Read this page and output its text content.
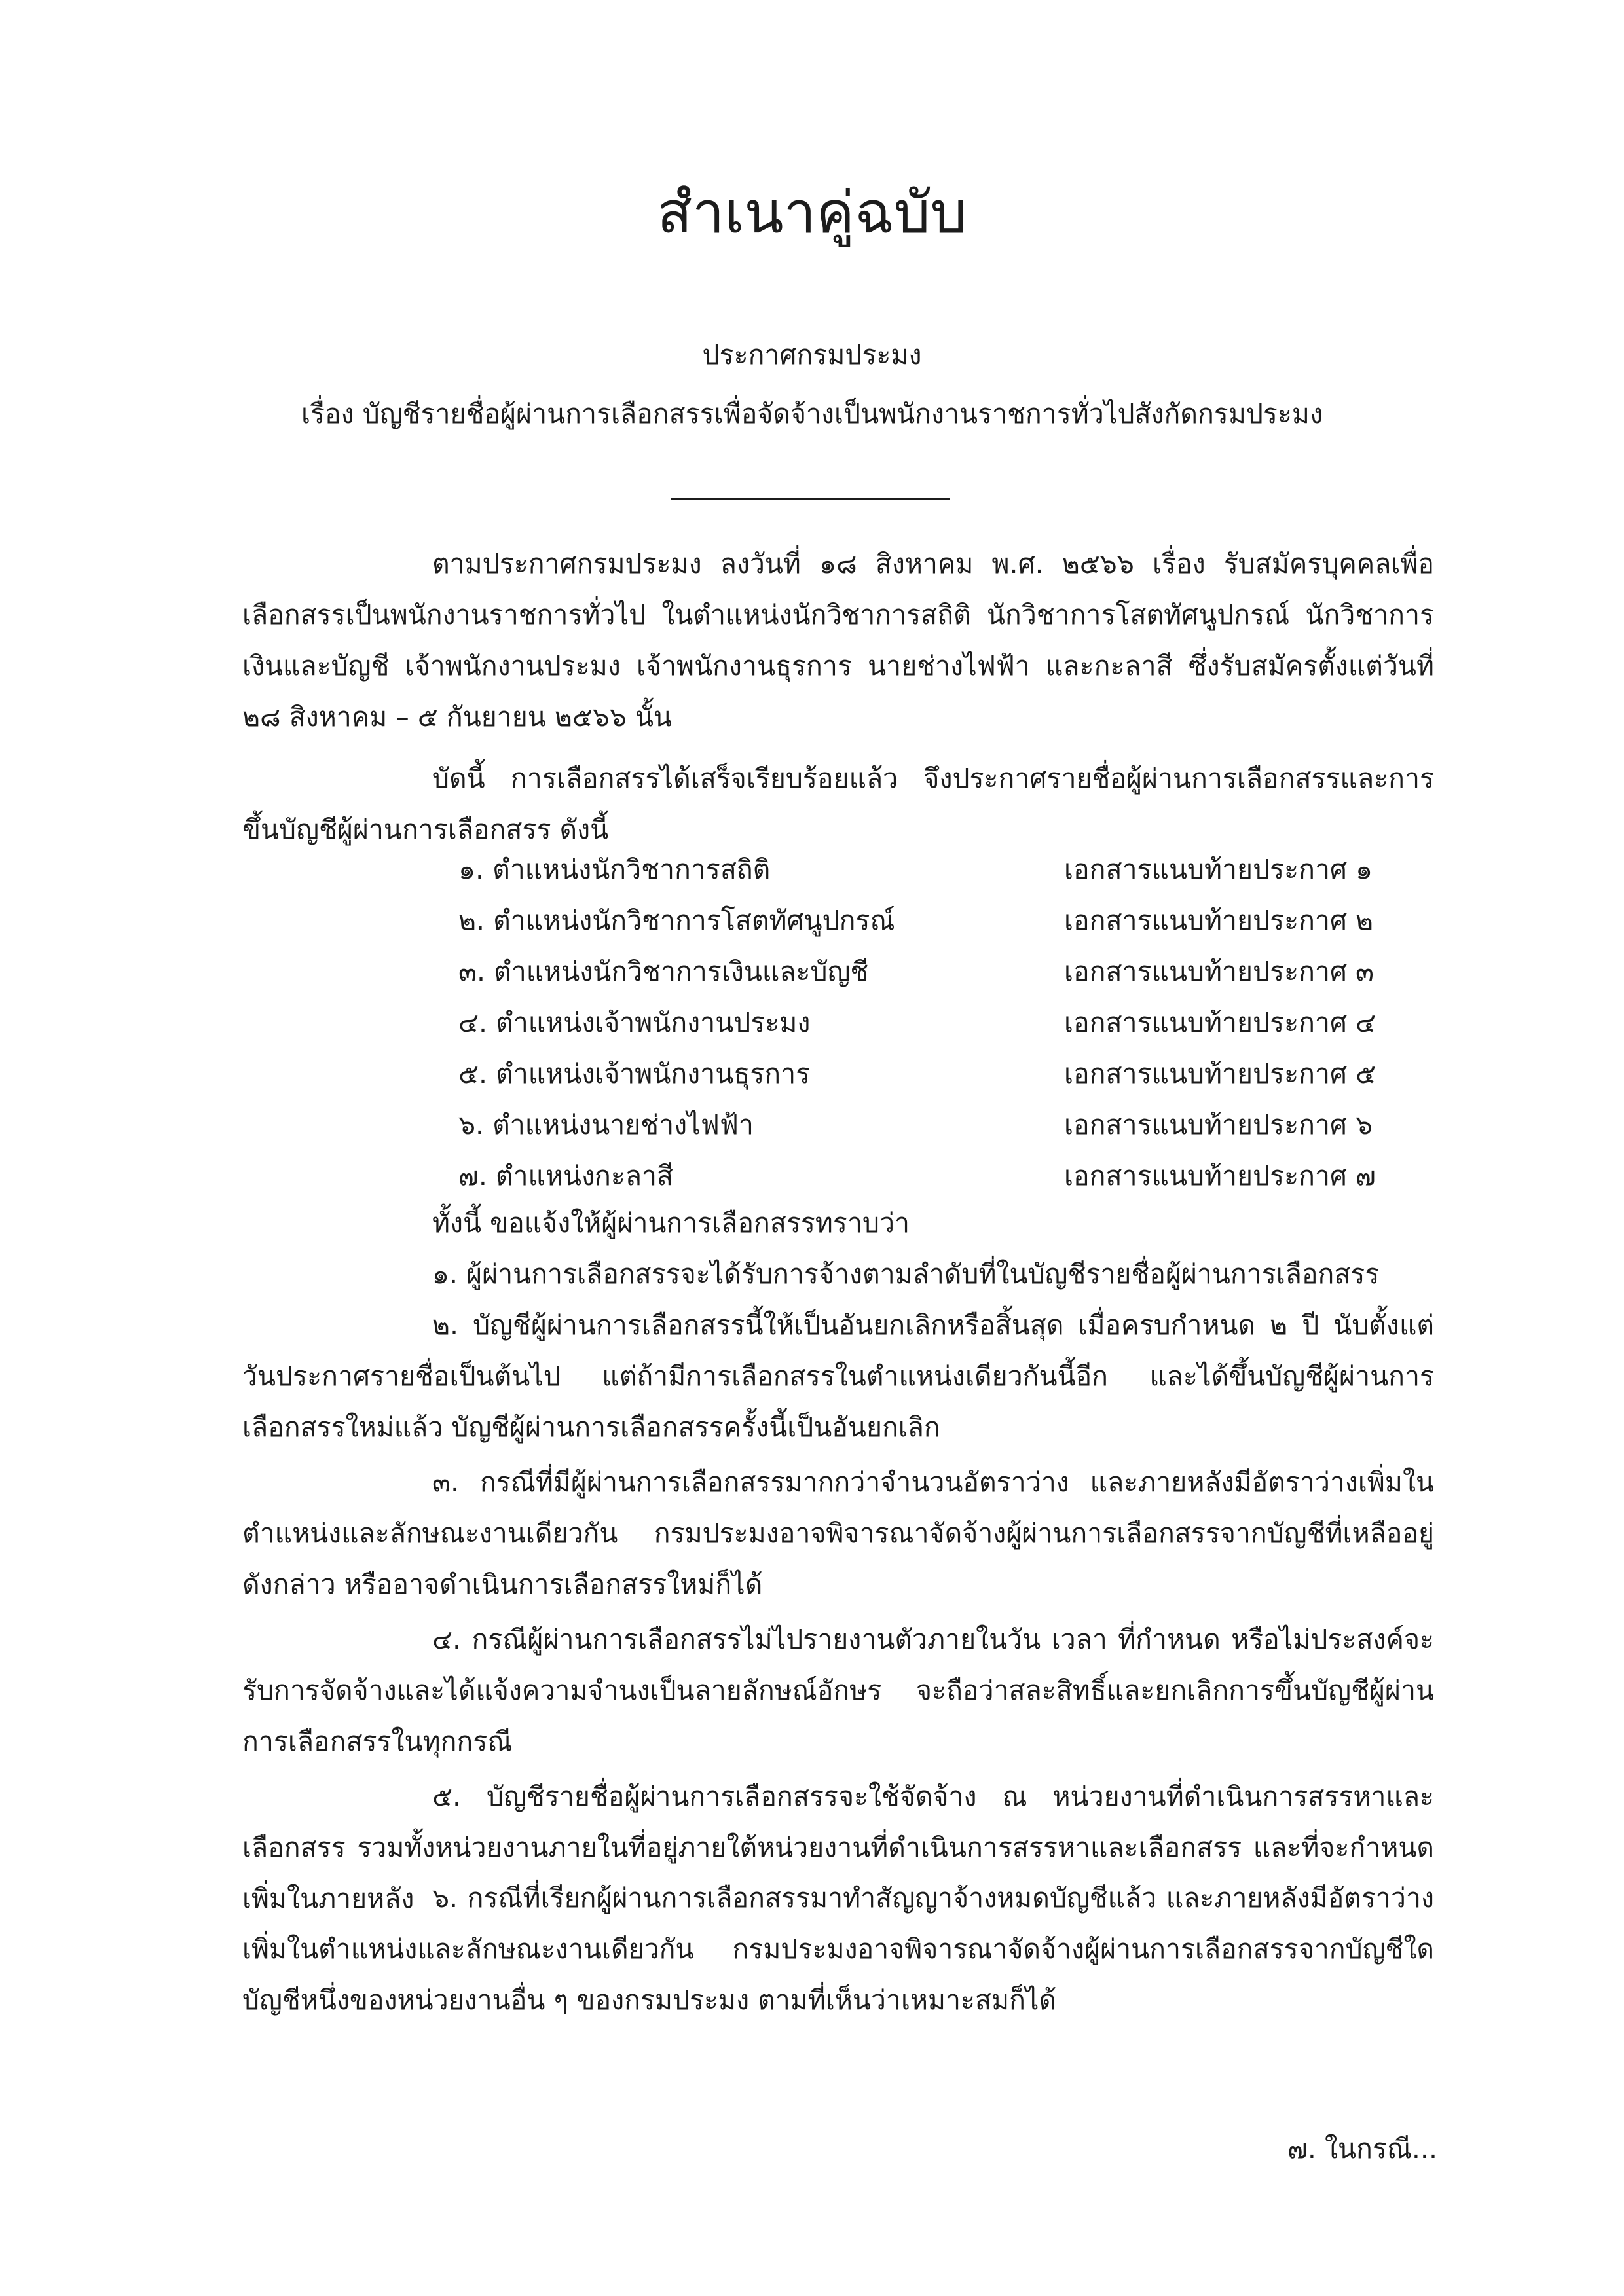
สำเนาคู่ฉบับ
ประกาศกรมประมง
เรื่อง บัญชีรายชื่อผู้ผ่านการเลือกสรรเพื่อจัดจ้างเป็นพนักงานราชการทั่วไปสังกัดกรมประมง
ตามประกาศกรมประมง ลงวันที่ ๑๘ สิงหาคม พ.ศ. ๒๕๖๖ เรื่อง รับสมัครบุคคลเพื่อเลือกสรรเป็นพนักงานราชการทั่วไป ในตำแหน่งนักวิชาการสถิติ นักวิชาการโสตทัศนูปกรณ์ นักวิชาการเงินและบัญชี เจ้าพนักงานประมง เจ้าพนักงานธุรการ นายช่างไฟฟ้า และกะลาสี ซึ่งรับสมัครตั้งแต่วันที่ ๒๘ สิงหาคม – ๕ กันยายน ๒๕๖๖ นั้น
บัดนี้ การเลือกสรรได้เสร็จเรียบร้อยแล้ว จึงประกาศรายชื่อผู้ผ่านการเลือกสรรและการขึ้นบัญชีผู้ผ่านการเลือกสรร ดังนี้
๑. ตำแหน่งนักวิชาการสถิติ	เอกสารแนบท้ายประกาศ ๑
๒. ตำแหน่งนักวิชาการโสตทัศนูปกรณ์	เอกสารแนบท้ายประกาศ ๒
๓. ตำแหน่งนักวิชาการเงินและบัญชี	เอกสารแนบท้ายประกาศ ๓
๔. ตำแหน่งเจ้าพนักงานประมง	เอกสารแนบท้ายประกาศ ๔
๕. ตำแหน่งเจ้าพนักงานธุรการ	เอกสารแนบท้ายประกาศ ๕
๖. ตำแหน่งนายช่างไฟฟ้า	เอกสารแนบท้ายประกาศ ๖
๗. ตำแหน่งกะลาสี	เอกสารแนบท้ายประกาศ ๗
ทั้งนี้ ขอแจ้งให้ผู้ผ่านการเลือกสรรทราบว่า
๑. ผู้ผ่านการเลือกสรรจะได้รับการจ้างตามลำดับที่ในบัญชีรายชื่อผู้ผ่านการเลือกสรร
๒. บัญชีผู้ผ่านการเลือกสรรนี้ให้เป็นอันยกเลิกหรือสิ้นสุด เมื่อครบกำหนด ๒ ปี นับตั้งแต่วันประกาศรายชื่อเป็นต้นไป แต่ถ้ามีการเลือกสรรในตำแหน่งเดียวกันนี้อีก และได้ขึ้นบัญชีผู้ผ่านการเลือกสรรใหม่แล้ว บัญชีผู้ผ่านการเลือกสรรครั้งนี้เป็นอันยกเลิก
๓. กรณีที่มีผู้ผ่านการเลือกสรรมากกว่าจำนวนอัตราว่าง และภายหลังมีอัตราว่างเพิ่มในตำแหน่งและลักษณะงานเดียวกัน กรมประมงอาจพิจารณาจัดจ้างผู้ผ่านการเลือกสรรจากบัญชีที่เหลืออยู่ดังกล่าว หรืออาจดำเนินการเลือกสรรใหม่ก็ได้
๔. กรณีผู้ผ่านการเลือกสรรไม่ไปรายงานตัวภายในวัน เวลา ที่กำหนด หรือไม่ประสงค์จะรับการจัดจ้างและได้แจ้งความจำนงเป็นลายลักษณ์อักษร จะถือว่าสละสิทธิ์และยกเลิกการขึ้นบัญชีผู้ผ่านการเลือกสรรในทุกกรณี
๕. บัญชีรายชื่อผู้ผ่านการเลือกสรรจะใช้จัดจ้าง ณ หน่วยงานที่ดำเนินการสรรหาและเลือกสรร รวมทั้งหน่วยงานภายในที่อยู่ภายใต้หน่วยงานที่ดำเนินการสรรหาและเลือกสรร และที่จะกำหนดเพิ่มในภายหลัง ๖. กรณีที่เรียกผู้ผ่านการเลือกสรรมาทำสัญญาจ้างหมดบัญชีแล้ว และภายหลังมีอัตราว่างเพิ่มในตำแหน่งและลักษณะงานเดียวกัน กรมประมงอาจพิจารณาจัดจ้างผู้ผ่านการเลือกสรรจากบัญชีใดบัญชีหนึ่งของหน่วยงานอื่น ๆ ของกรมประมง ตามที่เห็นว่าเหมาะสมก็ได้
๗. ในกรณี...
